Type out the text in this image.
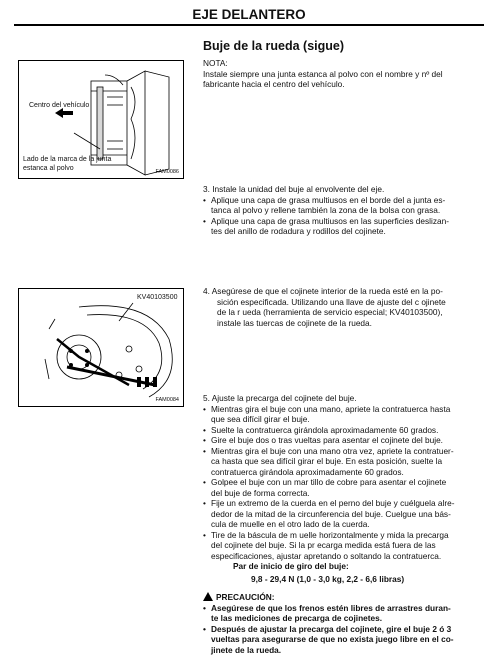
EJE DELANTERO
Buje de la rueda (sigue)
NOTA:
Instale siempre una junta estanca al polvo con el nombre y nº del
fabricante hacia el centro del vehículo.
Centro del vehículo
Lado de la marca de la junta
estanca al polvo	FAM0086
3. Instale la unidad del buje al envolvente del eje.
• Aplique una capa de grasa multiusos en el borde del a junta es-
tanca al polvo y rellene también la zona de la bolsa con grasa.
• Aplique una capa de grasa multiusos en las superficies deslizan-
tes del anillo de rodadura y rodillos del cojinete.
KV40103500
FAM0084
4. Asegúrese de que el cojinete interior de la rueda esté en la po-
sición especificada. Utilizando una llave de ajuste del c ojinete
de la r ueda (herramienta de servicio especial; KV40103500),
instale las tuercas de cojinete de la rueda.
5. Ajuste la precarga del cojinete del buje.
• Mientras gira el buje con una mano, apriete la contratuerca hasta
que sea difícil girar el buje.
• Suelte la contratuerca girándola aproximadamente 60 grados.
• Gire el buje dos o tras vueltas para asentar el cojinete del buje.
• Mientras gira el buje con una mano otra vez, apriete la contratuer-
ca hasta que sea difícil girar el buje. En esta posición, suelte la
contratuerca girándola aproximadamente 60 grados.
• Golpee el buje con un mar tillo de cobre para asentar el cojinete
del buje de forma correcta.
• Fije un extremo de la cuerda en el perno del buje y cuélguela alre-
dedor de la mitad de la circunferencia del buje. Cuelgue una bás-
cula de muelle en el otro lado de la cuerda.
• Tire de la báscula de m uelle horizontalmente y mida la precarga
del cojinete del buje. Si la pr ecarga medida está fuera de las
especificaciones, ajustar apretando o soltando la contratuerca.
Par de inicio de giro del buje:
9,8 - 29,4 N (1,0 - 3,0 kg, 2,2 - 6,6 libras)
PRECAUCIÓN:
• Asegúrese de que los frenos estén libres de arrastres duran-
te las mediciones de precarga de cojinetes.
• Después de ajustar la precarga del cojinete, gire el buje 2 ó 3
vueltas para asegurarse de que no exista juego libre en el co-
jinete de la rueda.
